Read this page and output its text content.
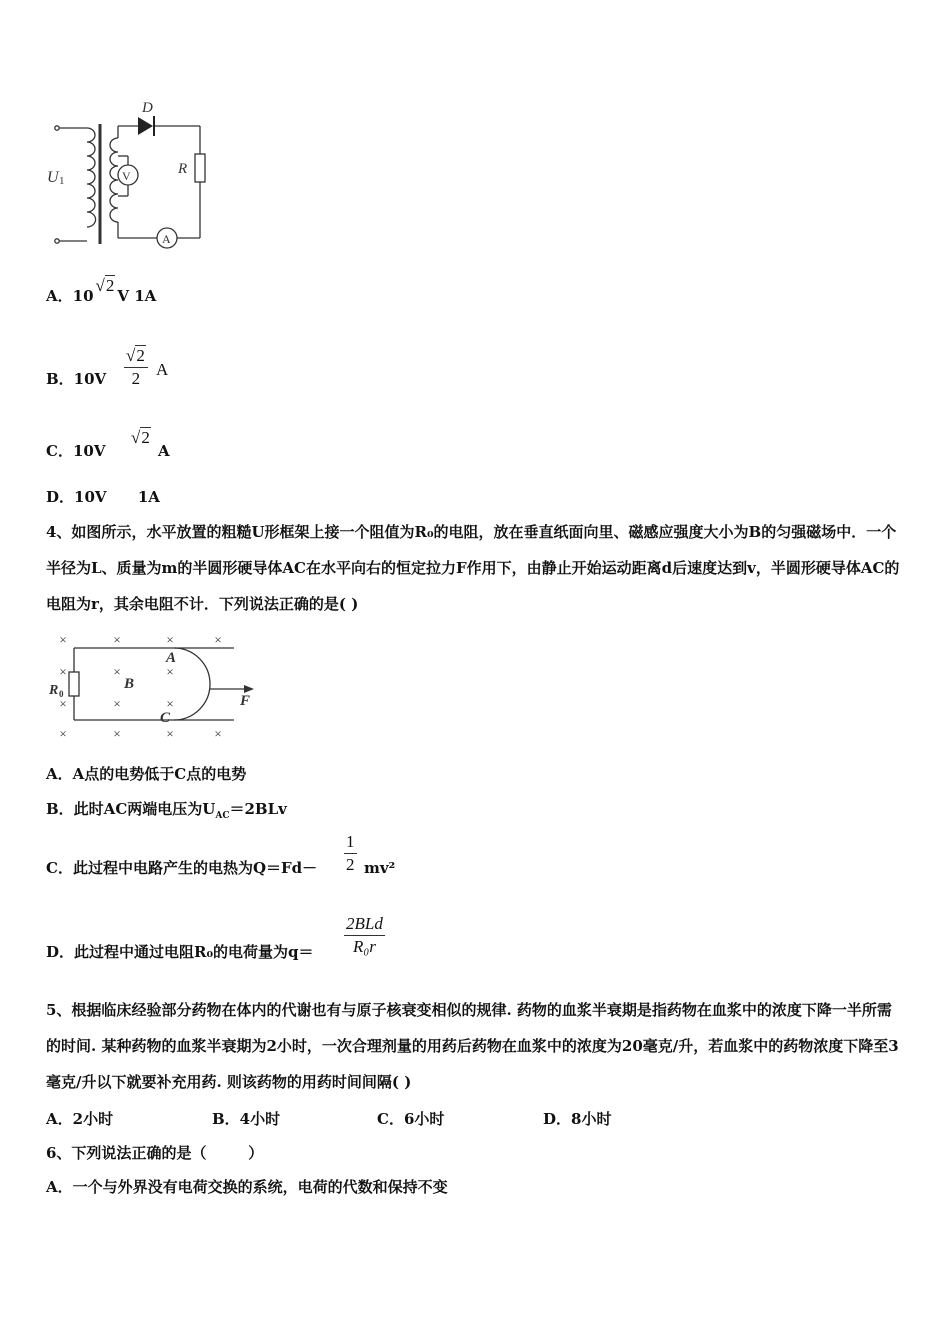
D
R
V
A
U 1
A．10√2V 1A
B．$10V \frac{√2}{2}$ A
C．10V
√2
A
D．10V      1A
4、如图所示，水平放置的粗糙U形框架上接一个阻值为R₀的电阻，放在垂直纸面向里、磁感应强度大小为B的匀强磁场中．一个半径为L、质量为m的半圆形硬导体AC在水平向右的恒定拉力F作用下，由静止开始运动距离d后速度达到v，半圆形硬导体AC的电阻为r，其余电阻不计．下列说法正确的是( )
×	×	×	×
×	×	×
×	×	×
×	×	×	×
R 0
B
A
C
F
A．A点的电势低于C点的电势
B．此时AC两端电压为$U_{AC}=2BLv$
C．此过程中电路产生的电热为$Q=Fd- \frac{1}{2} mv^2$
D．此过程中通过电阻R₀的电荷量为q＝
2BLd
R₀r
5、根据临床经验部分药物在体内的代谢也有与原子核衰变相似的规律. 药物的血浆半衰期是指药物在血浆中的浓度下降一半所需的时间. 某种药物的血浆半衰期为2小时，一次合理剂量的用药后药物在血浆中的浓度为20毫克/升，若血浆中的药物浓度下降至3毫克/升以下就要补充用药. 则该药物的用药时间间隔( )
A．2小时	B．4小时	C．6小时	D．8小时
6、下列说法正确的是（        ）
A．一个与外界没有电荷交换的系统，电荷的代数和保持不变
